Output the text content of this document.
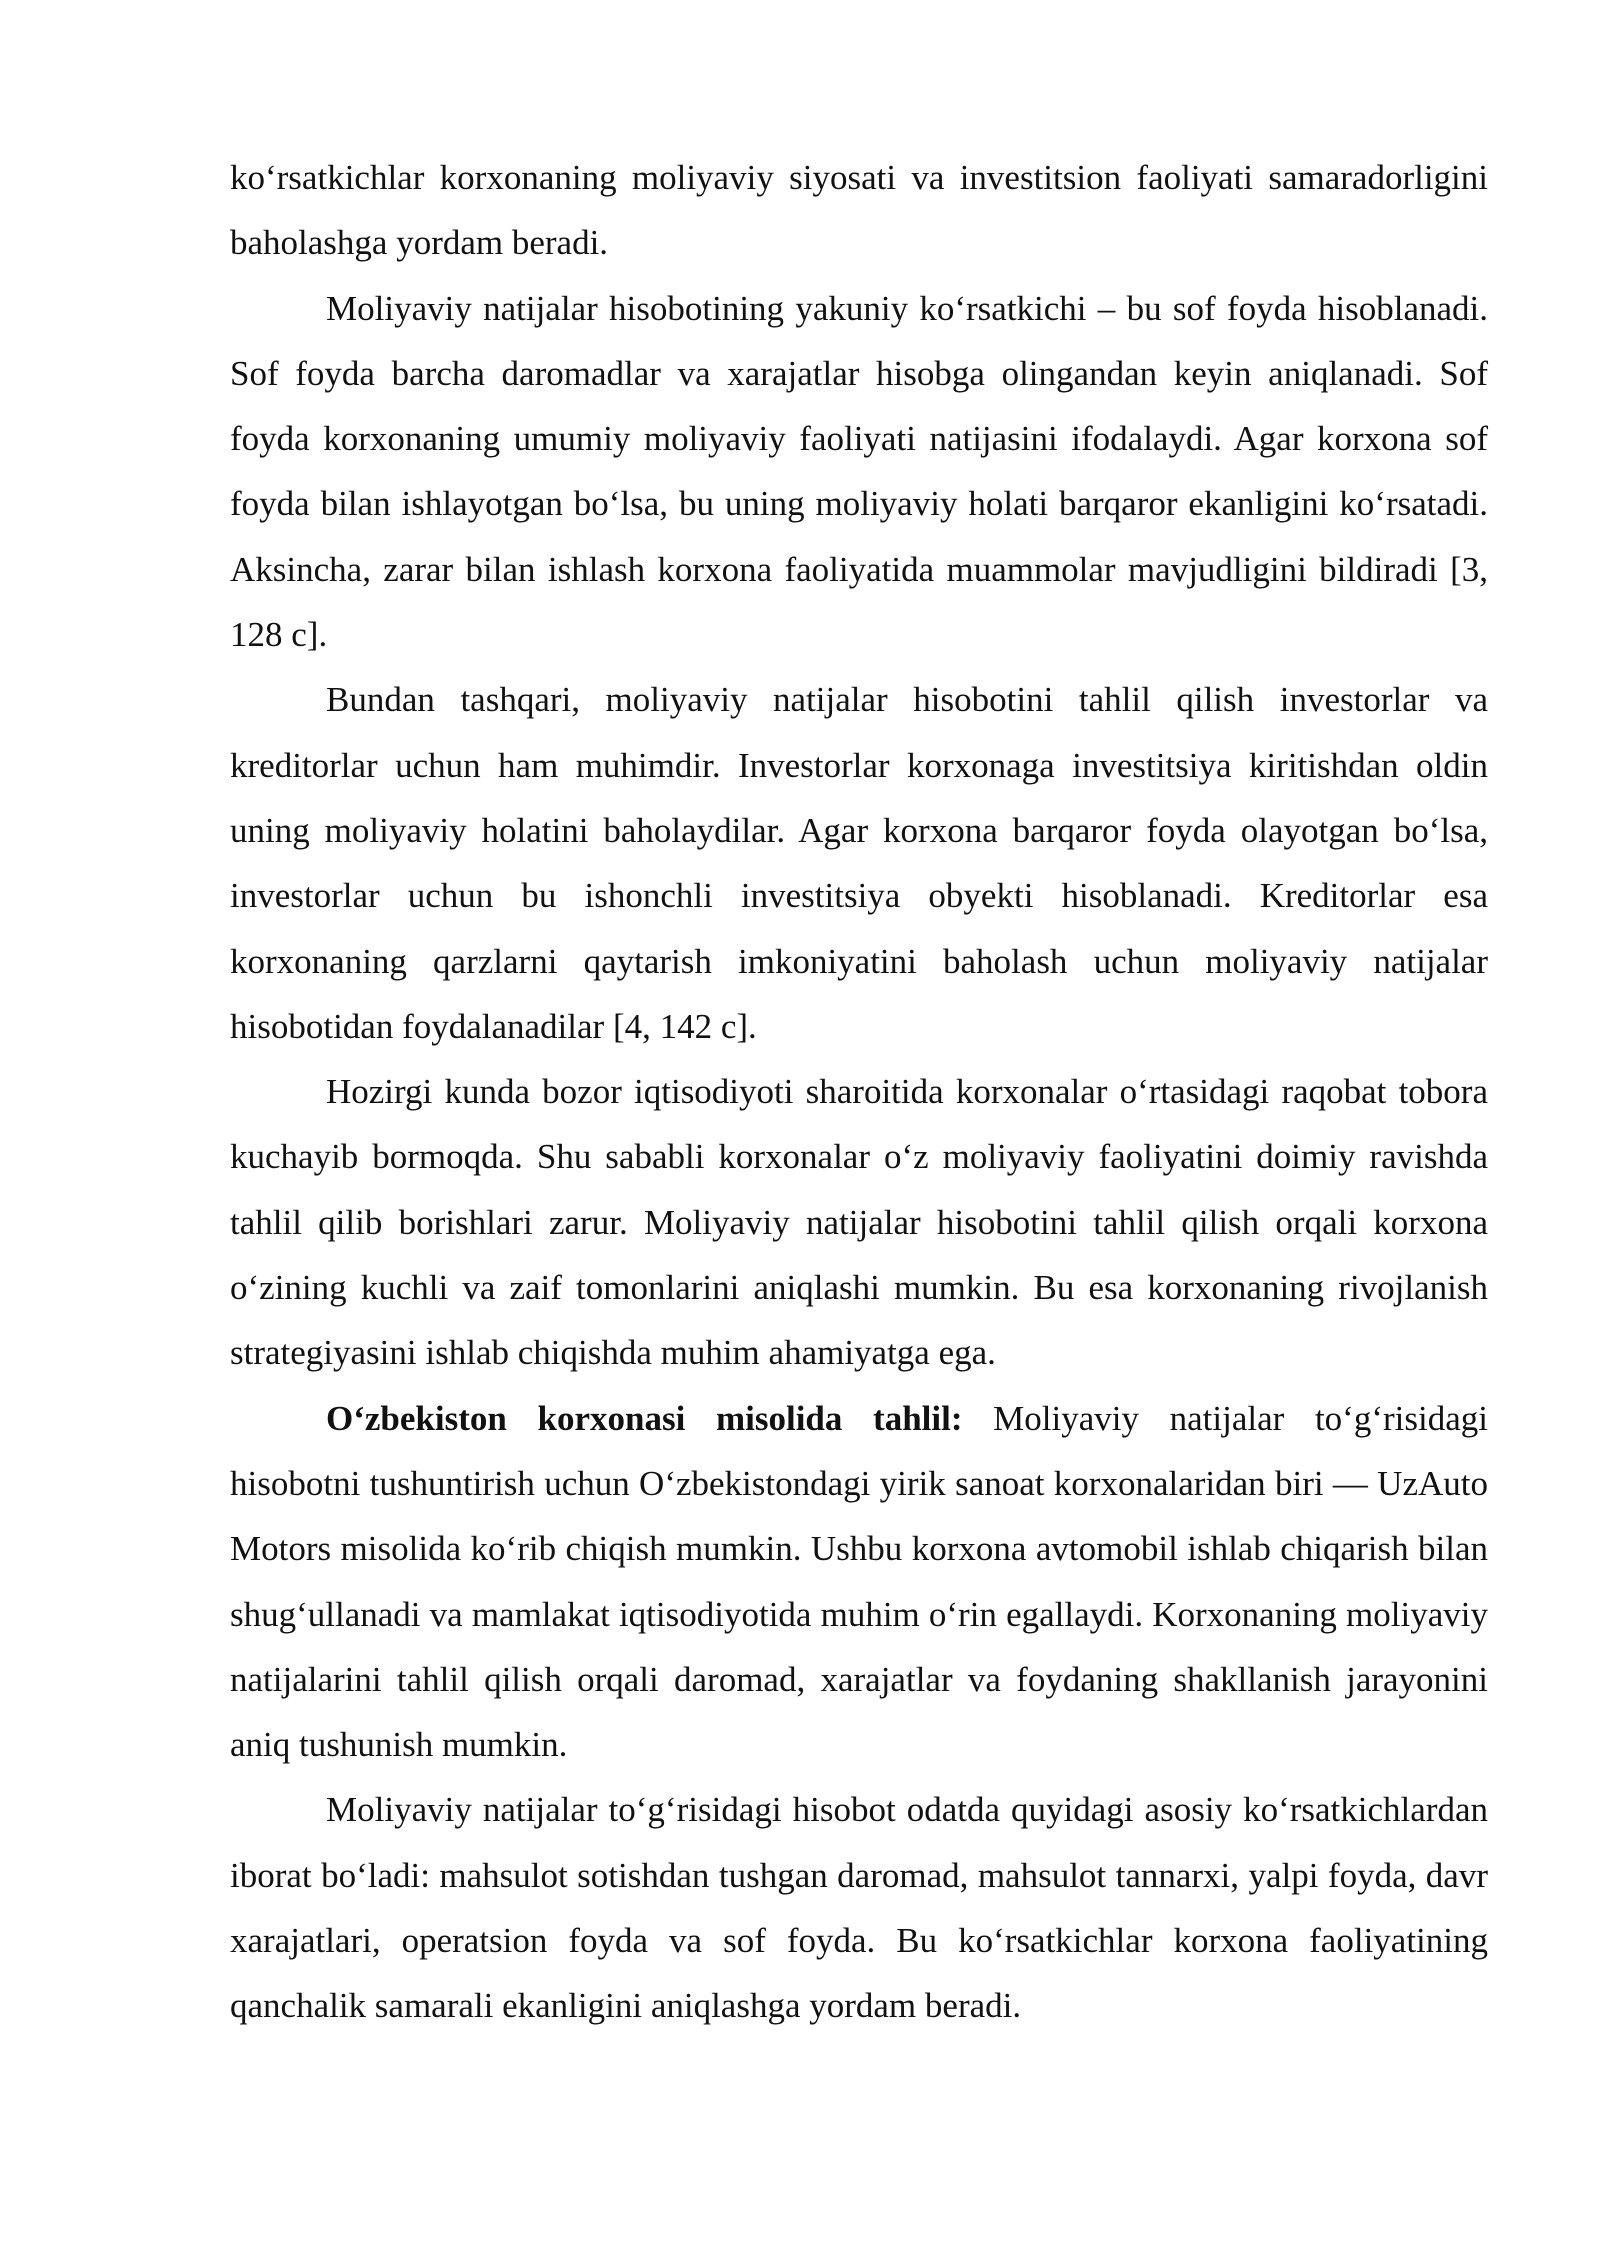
ko‘rsatkichlar korxonaning moliyaviy siyosati va investitsion faoliyati samaradorligini baholashga yordam beradi.

Moliyaviy natijalar hisobotining yakuniy ko‘rsatkichi – bu sof foyda hisoblanadi. Sof foyda barcha daromadlar va xarajatlar hisobga olingandan keyin aniqlanadi. Sof foyda korxonaning umumiy moliyaviy faoliyati natijasini ifodalaydi. Agar korxona sof foyda bilan ishlayotgan bo‘lsa, bu uning moliyaviy holati barqaror ekanligini ko‘rsatadi. Aksincha, zarar bilan ishlash korxona faoliyatida muammolar mavjudligini bildiradi [3, 128 c].

Bundan tashqari, moliyaviy natijalar hisobotini tahlil qilish investorlar va kreditorlar uchun ham muhimdir. Investorlar korxonaga investitsiya kiritishdan oldin uning moliyaviy holatini baholaydilar. Agar korxona barqaror foyda olayotgan bo‘lsa, investorlar uchun bu ishonchli investitsiya obyekti hisoblanadi. Kreditorlar esa korxonaning qarzlarni qaytarish imkoniyatini baholash uchun moliyaviy natijalar hisobotidan foydalanadilar [4, 142 c].

Hozirgi kunda bozor iqtisodiyoti sharoitida korxonalar o‘rtasidagi raqobat tobora kuchayib bormoqda. Shu sababli korxonalar o‘z moliyaviy faoliyatini doimiy ravishda tahlil qilib borishlari zarur. Moliyaviy natijalar hisobotini tahlil qilish orqali korxona o‘zining kuchli va zaif tomonlarini aniqlashi mumkin. Bu esa korxonaning rivojlanish strategiyasini ishlab chiqishda muhim ahamiyatga ega.

O‘zbekiston korxonasi misolida tahlil: Moliyaviy natijalar to‘g‘risidagi hisobotni tushuntirish uchun O‘zbekistondagi yirik sanoat korxonalaridan biri — UzAuto Motors misolida ko‘rib chiqish mumkin. Ushbu korxona avtomobil ishlab chiqarish bilan shug‘ullanadi va mamlakat iqtisodiyotida muhim o‘rin egallaydi. Korxonaning moliyaviy natijalarini tahlil qilish orqali daromad, xarajatlar va foydaning shakllanish jarayonini aniq tushunish mumkin.

Moliyaviy natijalar to‘g‘risidagi hisobot odatda quyidagi asosiy ko‘rsatkichlardan iborat bo‘ladi: mahsulot sotishdan tushgan daromad, mahsulot tannarxi, yalpi foyda, davr xarajatlari, operatsion foyda va sof foyda. Bu ko‘rsatkichlar korxona faoliyatining qanchalik samarali ekanligini aniqlashga yordam beradi.
